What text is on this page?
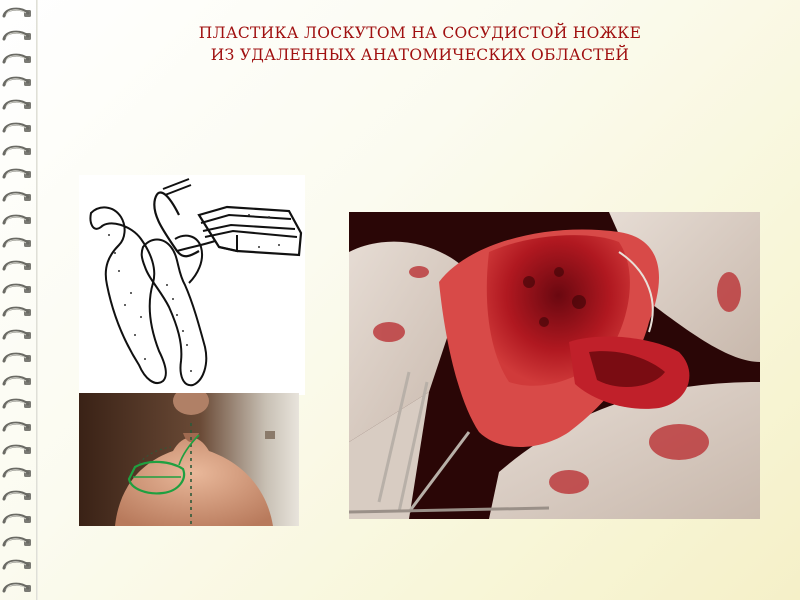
ПЛАСТИКА ЛОСКУТОМ НА СОСУДИСТОЙ НОЖКЕ
ИЗ УДАЛЕННЫХ АНАТОМИЧЕСКИХ ОБЛАСТЕЙ
